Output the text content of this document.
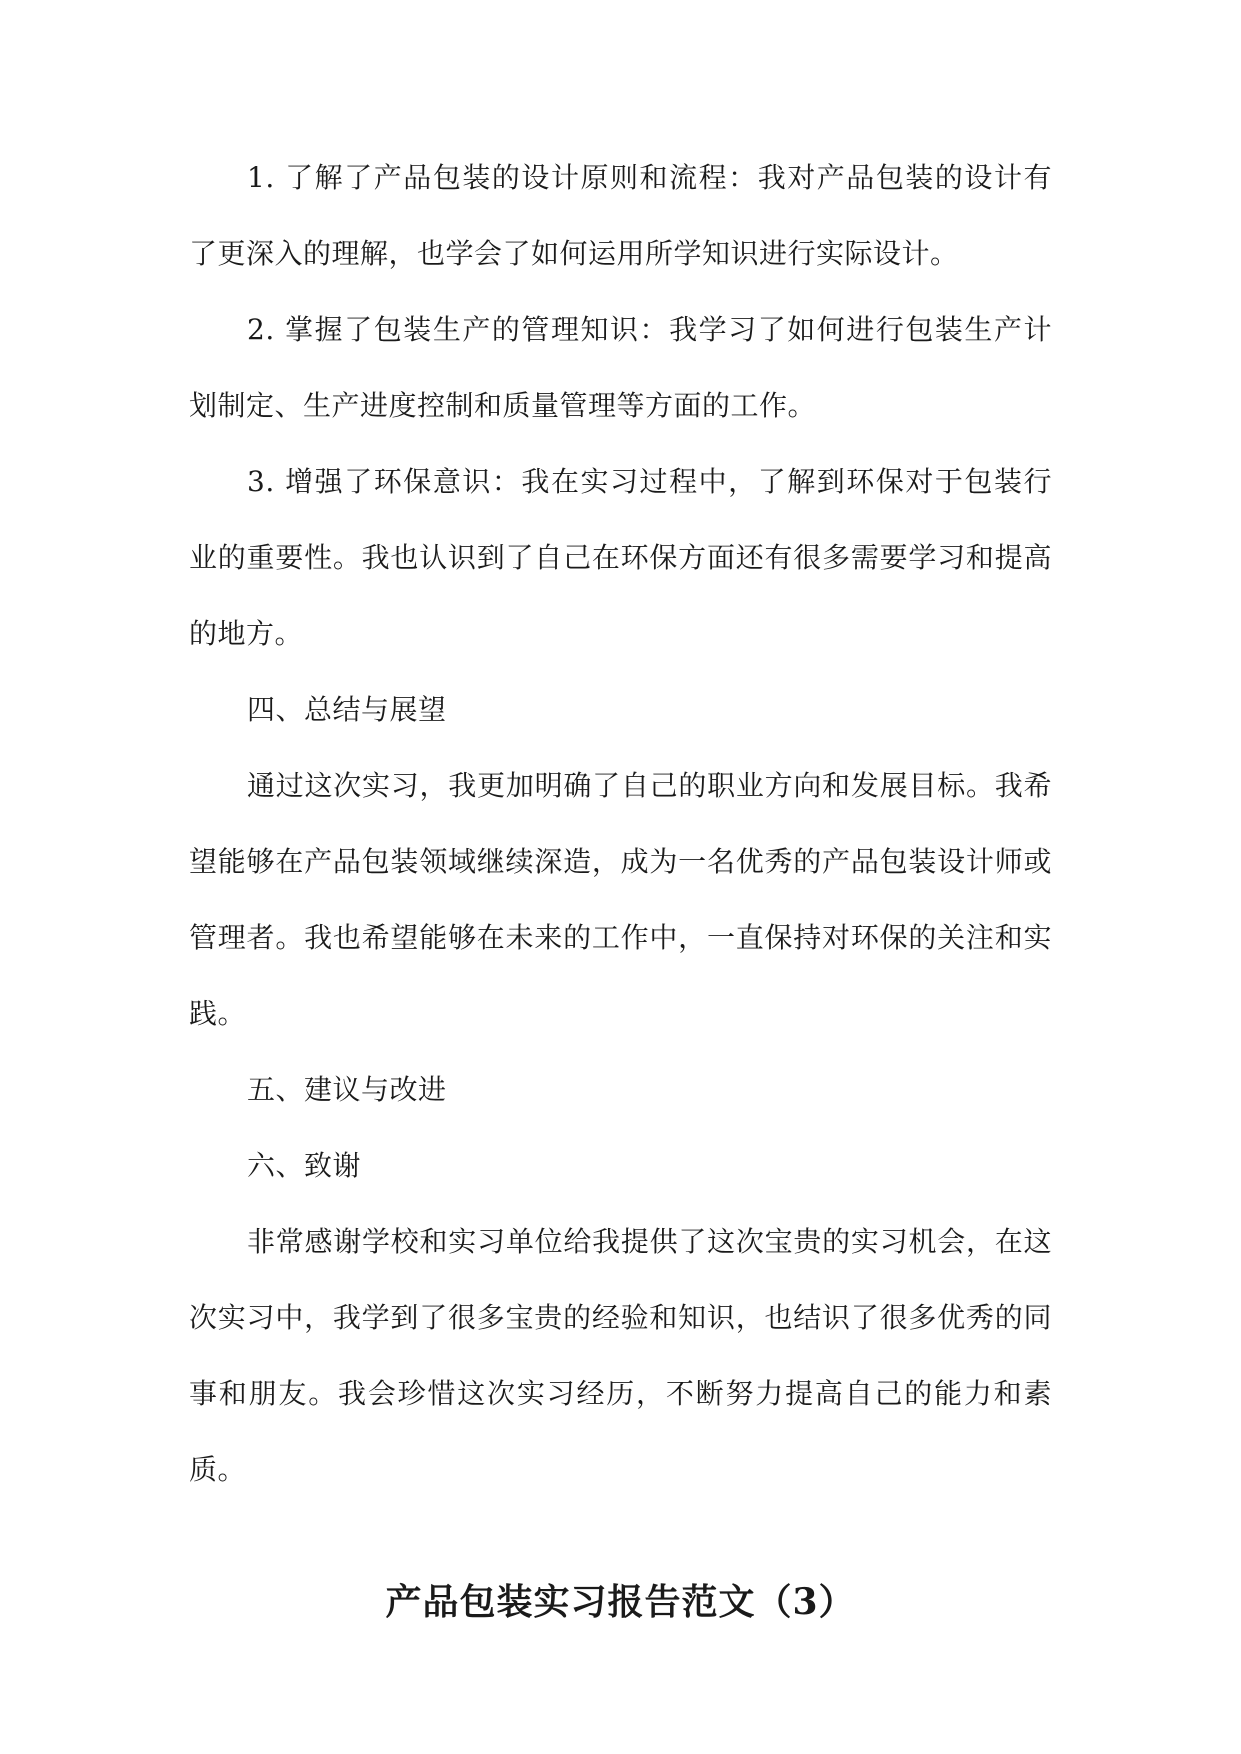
1. 了解了产品包装的设计原则和流程：我对产品包装的设计有了更深入的理解，也学会了如何运用所学知识进行实际设计。

2. 掌握了包装生产的管理知识：我学习了如何进行包装生产计划制定、生产进度控制和质量管理等方面的工作。

3. 增强了环保意识：我在实习过程中，了解到环保对于包装行业的重要性。我也认识到了自己在环保方面还有很多需要学习和提高的地方。

四、总结与展望

通过这次实习，我更加明确了自己的职业方向和发展目标。我希望能够在产品包装领域继续深造，成为一名优秀的产品包装设计师或管理者。我也希望能够在未来的工作中，一直保持对环保的关注和实践。

五、建议与改进

六、致谢

非常感谢学校和实习单位给我提供了这次宝贵的实习机会，在这次实习中，我学到了很多宝贵的经验和知识，也结识了很多优秀的同事和朋友。我会珍惜这次实习经历，不断努力提高自己的能力和素质。

产品包装实习报告范文（3）
